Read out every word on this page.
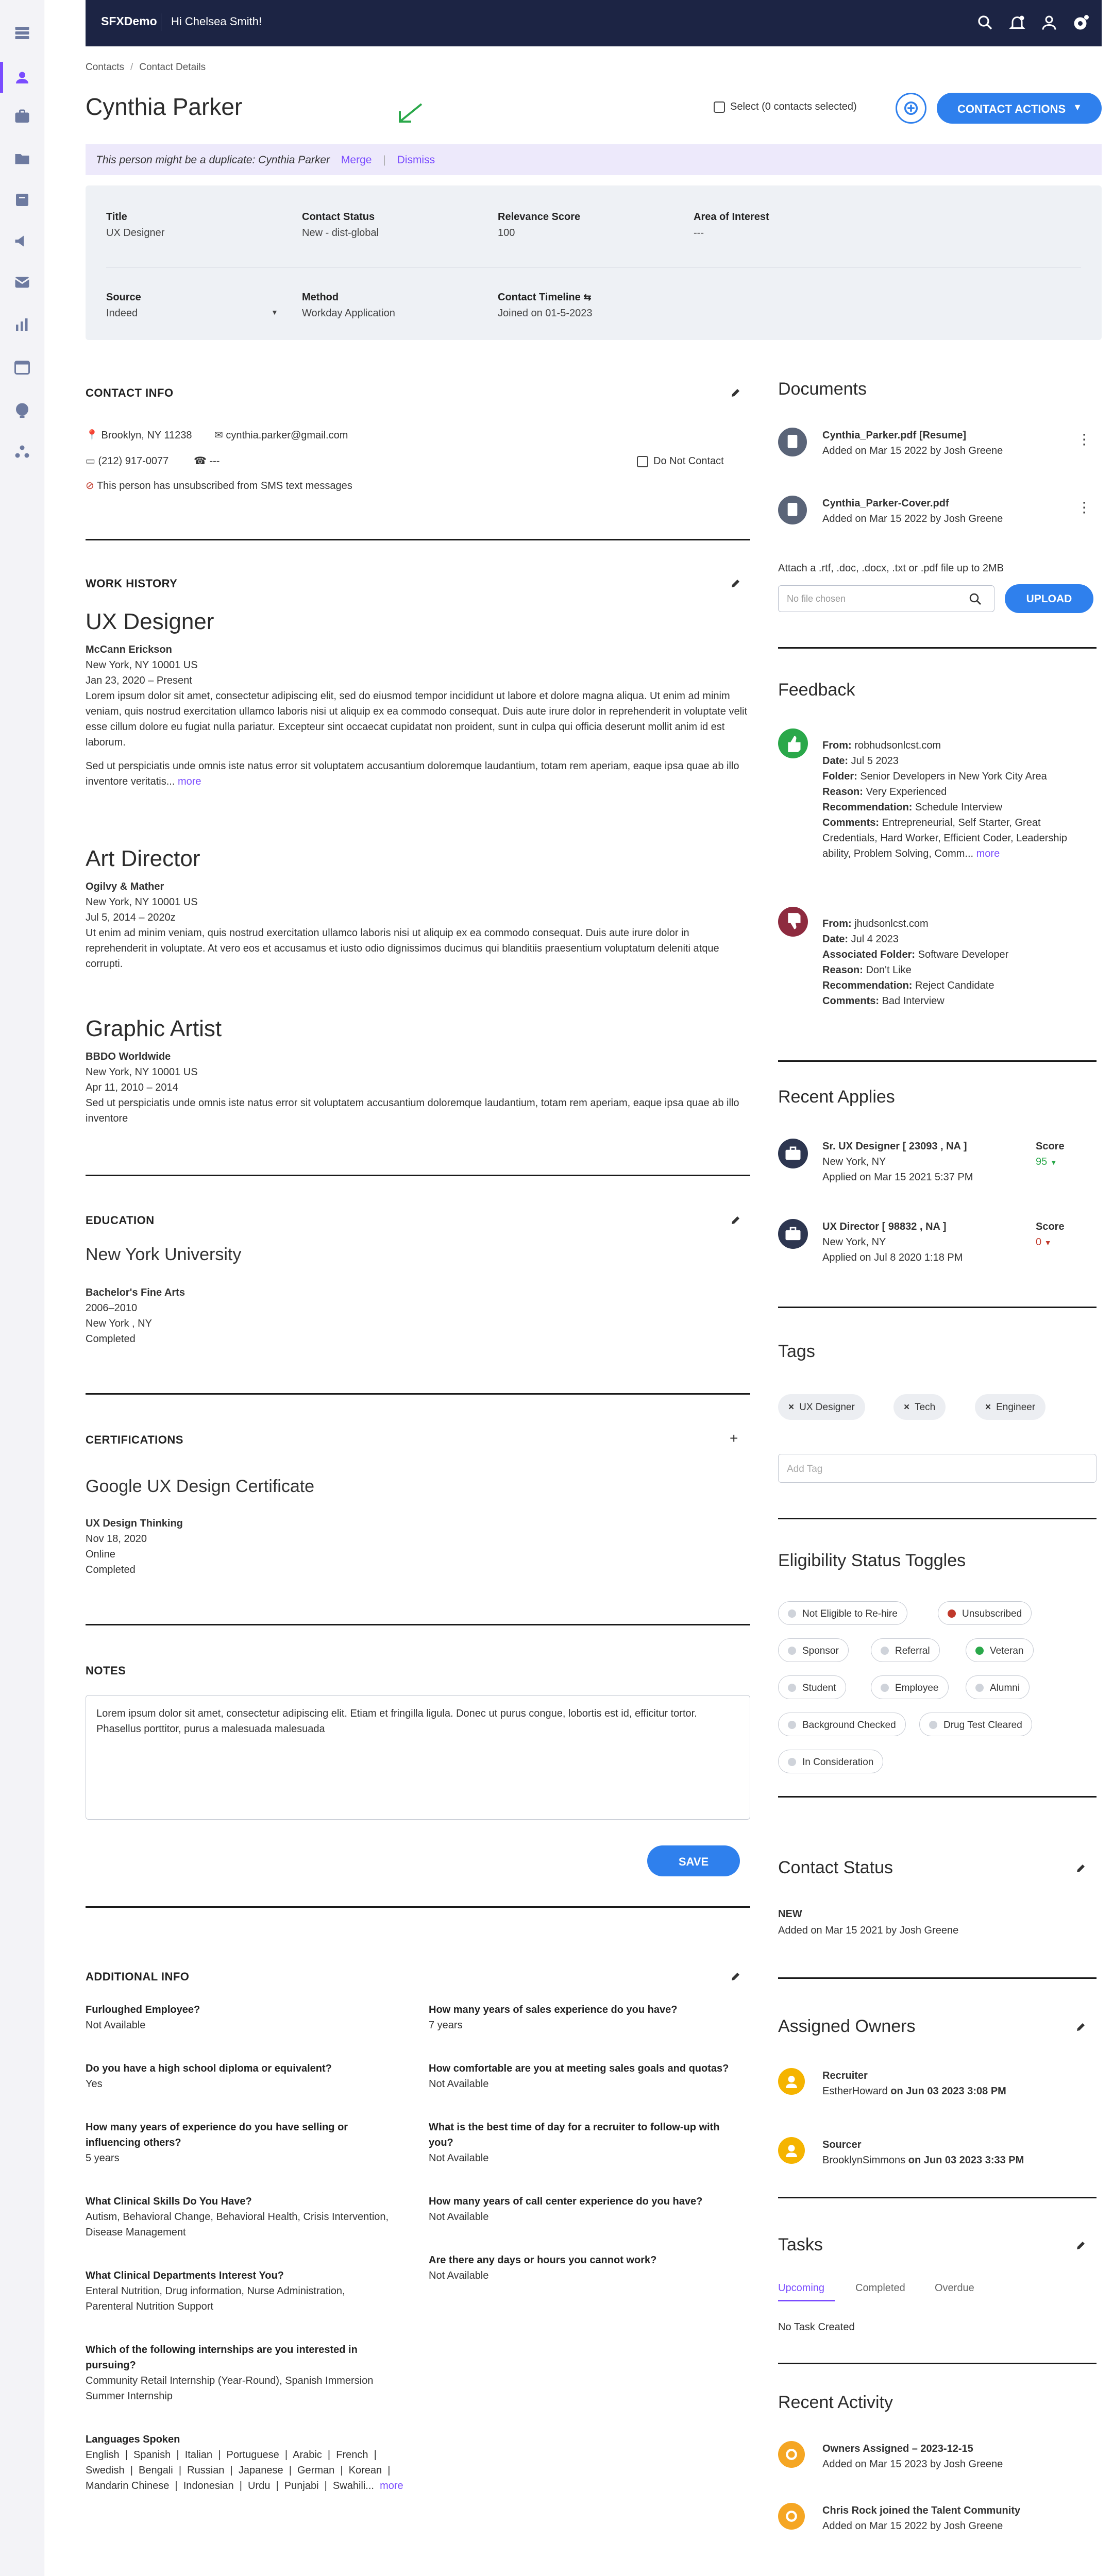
SFXDemo Hi Chelsea Smith!
Contacts / Contact Details
Cynthia Parker	Select (0 contacts selected)	CONTACT ACTIONS ▼
This person might be a duplicate: Cynthia Parker Merge | Dismiss
Title
UX Designer
Contact Status
New - dist-global
Relevance Score
100
Area of Interest
---
Source
Indeed	▼
Method
Workday Application
Contact Timeline ⇆
Joined on 01-5-2023
CONTACT INFO
📍 Brooklyn, NY 11238 ✉ cynthia.parker@gmail.com
▭ (212) 917-0077 ☎ ---	Do Not Contact
⊘ This person has unsubscribed from SMS text messages
WORK HISTORY
UX Designer
McCann Erickson
New York, NY 10001 US
Jan 23, 2020 – Present
Lorem ipsum dolor sit amet, consectetur adipiscing elit, sed do eiusmod tempor incididunt ut labore et dolore magna aliqua. Ut enim ad minim veniam, quis nostrud exercitation ullamco laboris nisi ut aliquip ex ea commodo consequat. Duis aute irure dolor in reprehenderit in voluptate velit esse cillum dolore eu fugiat nulla pariatur. Excepteur sint occaecat cupidatat non proident, sunt in culpa qui officia deserunt mollit anim id est laborum.
Sed ut perspiciatis unde omnis iste natus error sit voluptatem accusantium doloremque laudantium, totam rem aperiam, eaque ipsa quae ab illo inventore veritatis... more
Art Director
Ogilvy & Mather
New York, NY 10001 US
Jul 5, 2014 – 2020z
Ut enim ad minim veniam, quis nostrud exercitation ullamco laboris nisi ut aliquip ex ea commodo consequat. Duis aute irure dolor in reprehenderit in voluptate. At vero eos et accusamus et iusto odio dignissimos ducimus qui blanditiis praesentium voluptatum deleniti atque corrupti.
Graphic Artist
BBDO Worldwide
New York, NY 10001 US
Apr 11, 2010 – 2014
Sed ut perspiciatis unde omnis iste natus error sit voluptatem accusantium doloremque laudantium, totam rem aperiam, eaque ipsa quae ab illo inventore
EDUCATION
New York University
Bachelor's Fine Arts
2006–2010
New York , NY
Completed
CERTIFICATIONS	+
Google UX Design Certificate
UX Design Thinking
Nov 18, 2020
Online
Completed
NOTES
Lorem ipsum dolor sit amet, consectetur adipiscing elit. Etiam et fringilla ligula. Donec ut purus congue, lobortis est id, efficitur tortor. Phasellus porttitor, purus a malesuada malesuada
SAVE
ADDITIONAL INFO
Furloughed Employee?
Not Available
Do you have a high school diploma or equivalent?
Yes
How many years of experience do you have selling or influencing others?
5 years
What Clinical Skills Do You Have?
Autism, Behavioral Change, Behavioral Health, Crisis Intervention, Disease Management
What Clinical Departments Interest You?
Enteral Nutrition, Drug information, Nurse Administration, Parenteral Nutrition Support
Which of the following internships are you interested in pursuing?
Community Retail Internship (Year-Round), Spanish Immersion Summer Internship
How many years of sales experience do you have?
7 years
How comfortable are you at meeting sales goals and quotas?
Not Available
What is the best time of day for a recruiter to follow-up with you?
Not Available
How many years of call center experience do you have?
Not Available
Are there any days or hours you cannot work?
Not Available
Languages Spoken
English  |  Spanish  |  Italian  |  Portuguese  |  Arabic  |  French  |
Swedish  |  Bengali  |  Russian  |  Japanese  |  German  |  Korean  |
Mandarin Chinese  |  Indonesian  |  Urdu  |  Punjabi  |  Swahili... more
Documents
Cynthia_Parker.pdf [Resume]
Added on Mar 15 2022 by Josh Greene
⋮
Cynthia_Parker-Cover.pdf
Added on Mar 15 2022 by Josh Greene
⋮
Attach a .rtf, .doc, .docx, .txt or .pdf file up to 2MB
No file chosen	UPLOAD
Feedback
From: robhudsonlcst.com
Date: Jul 5 2023
Folder: Senior Developers in New York City Area
Reason: Very Experienced
Recommendation: Schedule Interview
Comments: Entrepreneurial, Self Starter, Great Credentials, Hard Worker, Efficient Coder, Leadership ability, Problem Solving, Comm... more
From: jhudsonlcst.com
Date: Jul 4 2023
Associated Folder: Software Developer
Reason: Don't Like
Recommendation: Reject Candidate
Comments: Bad Interview
Recent Applies
Sr. UX Designer [ 23093 , NA ]
New York, NY
Applied on Mar 15 2021 5:37 PM
Score
95 ▼
UX Director [ 98832 , NA ]
New York, NY
Applied on Jul 8 2020 1:18 PM
Score
0 ▼
Tags
× UX Designer	× Tech	× Engineer
Add Tag
Eligibility Status Toggles
Not Eligible to Re-hire	Unsubscribed
Sponsor	Referral	Veteran
Student	Employee	Alumni
Background Checked	Drug Test Cleared
In Consideration
Contact Status
NEW
Added on Mar 15 2021 by Josh Greene
Assigned Owners
Recruiter
EstherHoward on Jun 03 2023 3:08 PM
Sourcer
BrooklynSimmons on Jun 03 2023 3:33 PM
Tasks
Upcoming	Completed	Overdue
No Task Created
Recent Activity
Owners Assigned – 2023-12-15
Added on Mar 15 2023 by Josh Greene
Chris Rock joined the Talent Community
Added on Mar 15 2022 by Josh Greene
